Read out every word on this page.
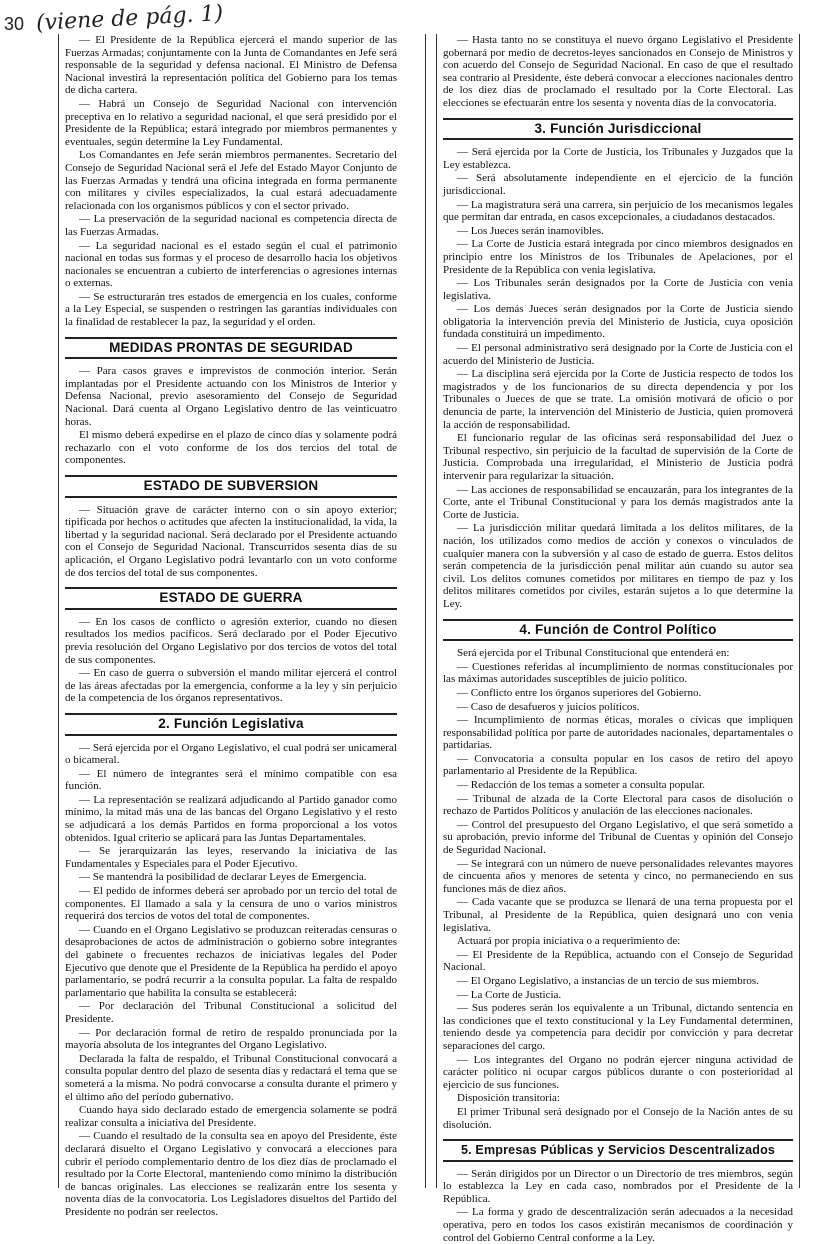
30 (viene de pág. 1)

— El Presidente de la República ejercerá el mando superior de las Fuerzas Armadas; conjuntamente con la Junta de Comandantes en Jefe será responsable de la seguridad y defensa nacional. El Ministro de Defensa Nacional investirá la representación política del Gobierno para los temas de dicha cartera.

— Habrá un Consejo de Seguridad Nacional con intervención preceptiva en lo relativo a seguridad nacional, el que será presidido por el Presidente de la República; estará integrado por miembros permanentes y eventuales, según determine la Ley Fundamental.

Los Comandantes en Jefe serán miembros permanentes. Secretario del Consejo de Seguridad Nacional será el Jefe del Estado Mayor Conjunto de las Fuerzas Armadas y tendrá una oficina integrada en forma permanente con militares y civiles especializados, la cual estará adecuadamente relacionada con los organismos públicos y con el sector privado.

— La preservación de la seguridad nacional es competencia directa de las Fuerzas Armadas.

— La seguridad nacional es el estado según el cual el patrimonio nacional en todas sus formas y el proceso de desarrollo hacia los objetivos nacionales se encuentran a cubierto de interferencias o agresiones internas o externas.

— Se estructurarán tres estados de emergencia en los cuales, conforme a la Ley Especial, se suspenden o restringen las garantías individuales con la finalidad de restablecer la paz, la seguridad y el orden.

MEDIDAS PRONTAS DE SEGURIDAD

— Para casos graves e imprevistos de conmoción interior. Serán implantadas por el Presidente actuando con los Ministros de Interior y Defensa Nacional, previo asesoramiento del Consejo de Seguridad Nacional. Dará cuenta al Organo Legislativo dentro de las veinticuatro horas.

El mismo deberá expedirse en el plazo de cinco días y solamente podrá rechazarlo con el voto conforme de los dos tercios del total de componentes.

ESTADO DE SUBVERSION

— Situación grave de carácter interno con o sin apoyo exterior; tipificada por hechos o actitudes que afecten la institucionalidad, la vida, la libertad y la seguridad nacional. Será declarado por el Presidente actuando con el Consejo de Seguridad Nacional. Transcurridos sesenta días de su aplicación, el Organo Legislativo podrá levantarlo con un voto conforme de dos tercios del total de sus componentes.

ESTADO DE GUERRA

— En los casos de conflicto o agresión exterior, cuando no diesen resultados los medios pacíficos. Será declarado por el Poder Ejecutivo previa resolución del Organo Legislativo por dos tercios de votos del total de sus componentes.

— En caso de guerra o subversión el mando militar ejercerá el control de las áreas afectadas por la emergencia, conforme a la ley y sin perjuicio de la competencia de los órganos representativos.

2. Función Legislativa

— Será ejercida por el Organo Legislativo, el cual podrá ser unicameral o bicameral.

— El número de integrantes será el mínimo compatible con esa función.

— La representación se realizará adjudicando al Partido ganador como mínimo, la mitad más una de las bancas del Organo Legislativo y el resto se adjudicará a los demás Partidos en forma proporcional a los votos obtenidos. Igual criterio se aplicará para las Juntas Departamentales.

— Se jerarquizarán las leyes, reservando la iniciativa de las Fundamentales y Especiales para el Poder Ejecutivo.

— Se mantendrá la posibilidad de declarar Leyes de Emergencia.

— El pedido de informes deberá ser aprobado por un tercio del total de componentes. El llamado a sala y la censura de uno o varios ministros requerirá dos tercios de votos del total de componentes.

— Cuando en el Organo Legislativo se produzcan reiteradas censuras o desaprobaciones de actos de administración o gobierno sobre integrantes del gabinete o frecuentes rechazos de iniciativas legales del Poder Ejecutivo que denote que el Presidente de la República ha perdido el apoyo parlamentario, se podrá recurrir a la consulta popular. La falta de respaldo parlamentario que habilita la consulta se establecerá:

— Por declaración del Tribunal Constitucional a solicitud del Presidente.

— Por declaración formal de retiro de respaldo pronunciada por la mayoría absoluta de los integrantes del Organo Legislativo.

Declarada la falta de respaldo, el Tribunal Constitucional convocará a consulta popular dentro del plazo de sesenta días y redactará el tema que se someterá a la misma. No podrá convocarse a consulta durante el primero y el último año del período gubernativo.

Cuando haya sido declarado estado de emergencia solamente se podrá realizar consulta a iniciativa del Presidente.

— Cuando el resultado de la consulta sea en apoyo del Presidente, éste declarará disuelto el Organo Legislativo y convocará a elecciones para cubrir el período complementario dentro de los diez días de proclamado el resultado por la Corte Electoral, manteniendo como mínimo la distribución de bancas originales. Las elecciones se realizarán entre los sesenta y noventa días de la convocatoria. Los Legisladores disueltos del Partido del Presidente no podrán ser reelectos.

— Hasta tanto no se constituya el nuevo órgano Legislativo el Presidente gobernará por medio de decretos-leyes sancionados en Consejo de Ministros y con acuerdo del Consejo de Seguridad Nacional. En caso de que el resultado sea contrario al Presidente, éste deberá convocar a elecciones nacionales dentro de los diez días de proclamado el resultado por la Corte Electoral. Las elecciones se efectuarán entre los sesenta y noventa días de la convocatoria.

3. Función Jurisdiccional

— Será ejercida por la Corte de Justicia, los Tribunales y Juzgados que la Ley establezca.

— Será absolutamente independiente en el ejercicio de la función jurisdiccional.

— La magistratura será una carrera, sin perjuicio de los mecanismos legales que permitan dar entrada, en casos excepcionales, a ciudadanos destacados.

— Los Jueces serán inamovibles.

— La Corte de Justicia estará integrada por cinco miembros designados en principio entre los Ministros de los Tribunales de Apelaciones, por el Presidente de la República con venia legislativa.

— Los Tribunales serán designados por la Corte de Justicia con venia legislativa.

— Los demás Jueces serán designados por la Corte de Justicia siendo obligatoria la intervención previa del Ministerio de Justicia, cuya oposición fundada constituirá un impedimento.

— El personal administrativo será designado por la Corte de Justicia con el acuerdo del Ministerio de Justicia.

— La disciplina será ejercida por la Corte de Justicia respecto de todos los magistrados y de los funcionarios de su directa dependencia y por los Tribunales o Jueces de que se trate. La omisión motivará de oficio o por denuncia de parte, la intervención del Ministerio de Justicia, quien promoverá la acción de responsabilidad.

El funcionario regular de las oficinas será responsabilidad del Juez o Tribunal respectivo, sin perjuicio de la facultad de supervisión de la Corte de Justicia. Comprobada una irregularidad, el Ministerio de Justicia podrá intervenir para regularizar la situación.

— Las acciones de responsabilidad se encauzarán, para los integrantes de la Corte, ante el Tribunal Constitucional y para los demás magistrados ante la Corte de Justicia.

— La jurisdicción militar quedará limitada a los delitos militares, de la nación, los utilizados como medios de acción y conexos o vinculados de cualquier manera con la subversión y al caso de estado de guerra. Estos delitos serán competencia de la jurisdicción penal militar aún cuando su autor sea civil. Los delitos comunes cometidos por militares en tiempo de paz y los delitos militares cometidos por civiles, estarán sujetos a lo que determine la Ley.

4. Función de Control Político

Será ejercida por el Tribunal Constitucional que entenderá en:

— Cuestiones referidas al incumplimiento de normas constitucionales por las máximas autoridades susceptibles de juicio político.

— Conflicto entre los órganos superiores del Gobierno.

— Caso de desafueros y juicios políticos.

— Incumplimiento de normas éticas, morales o cívicas que impliquen responsabilidad política por parte de autoridades nacionales, departamentales o partidarias.

— Convocatoria a consulta popular en los casos de retiro del apoyo parlamentario al Presidente de la República.

— Redacción de los temas a someter a consulta popular.

— Tribunal de alzada de la Corte Electoral para casos de disolución o rechazo de Partidos Políticos y anulación de las elecciones nacionales.

— Control del presupuesto del Organo Legislativo, el que será sometido a su aprobación, previo informe del Tribunal de Cuentas y opinión del Consejo de Seguridad Nacional.

— Se integrará con un número de nueve personalidades relevantes mayores de cincuenta años y menores de setenta y cinco, no permaneciendo en sus funciones más de diez años.

— Cada vacante que se produzca se llenará de una terna propuesta por el Tribunal, al Presidente de la República, quien designará uno con venia legislativa.

Actuará por propia iniciativa o a requerimiento de:

— El Presidente de la República, actuando con el Consejo de Seguridad Nacional.

— El Organo Legislativo, a instancias de un tercio de sus miembros.

— La Corte de Justicia.

— Sus poderes serán los equivalente a un Tribunal, dictando sentencia en las condiciones que el texto constitucional y la Ley Fundamental determinen, teniendo desde ya competencia para decidir por convicción y para decretar separaciones del cargo.

— Los integrantes del Organo no podrán ejercer ninguna actividad de carácter político ni ocupar cargos públicos durante o con posterioridad al ejercicio de sus funciones.

Disposición transitoria:

El primer Tribunal será designado por el Consejo de la Nación antes de su disolución.

5. Empresas Públicas y Servicios Descentralizados

— Serán dirigidos por un Director o un Directorio de tres miembros, según lo establezca la Ley en cada caso, nombrados por el Presidente de la República.

— La forma y grado de descentralización serán adecuados a la necesidad operativa, pero en todos los casos existirán mecanismos de coordinación y control del Gobierno Central conforme a la Ley.
